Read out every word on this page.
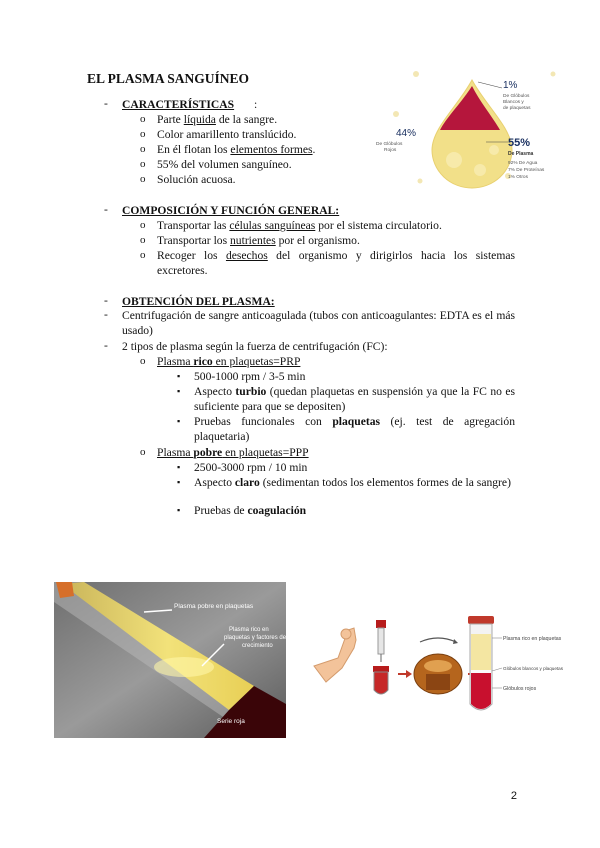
EL PLASMA SANGUÍNEO
- CARACTERÍSTICAS :
o Parte líquida de la sangre.
o Color amarillento translúcido.
o En él flotan los elementos formes.
o 55% del volumen sanguíneo.
o Solución acuosa.
- COMPOSICIÓN Y FUNCIÓN GENERAL:
o Transportar las células sanguíneas por el sistema circulatorio.
o Transportar los nutrientes por el organismo.
o Recoger los desechos del organismo y dirigirlos hacia los sistemas excretores.
- OBTENCIÓN DEL PLASMA:
- Centrifugación de sangre anticoagulada (tubos con anticoagulantes: EDTA es el más usado)
- 2 tipos de plasma según la fuerza de centrifugación (FC):
o Plasma rico en plaquetas=PRP
▪ 500-1000 rpm / 3-5 min
▪ Aspecto turbio (quedan plaquetas en suspensión ya que la FC no es suficiente para que se depositen)
▪ Pruebas funcionales con plaquetas (ej. test de agregación plaquetaria)
o Plasma pobre en plaquetas=PPP
▪ 2500-3000 rpm / 10 min
▪ Aspecto claro (sedimentan todos los elementos formes de la sangre)
▪ Pruebas de coagulación
1%
De Glóbulos
Blancos y
de plaquetas
44%
De Glóbulos
Rojos
55%
De Plasma
92% De Agua
7% De Proteínas
1% Otros
Plasma pobre en plaquetas
Plasma rico en
plaquetas y factores de
crecimiento
Serie roja
Plasma rico en plaquetas
Glóbulos blancos y plaquetas
Glóbulos rojos
2
